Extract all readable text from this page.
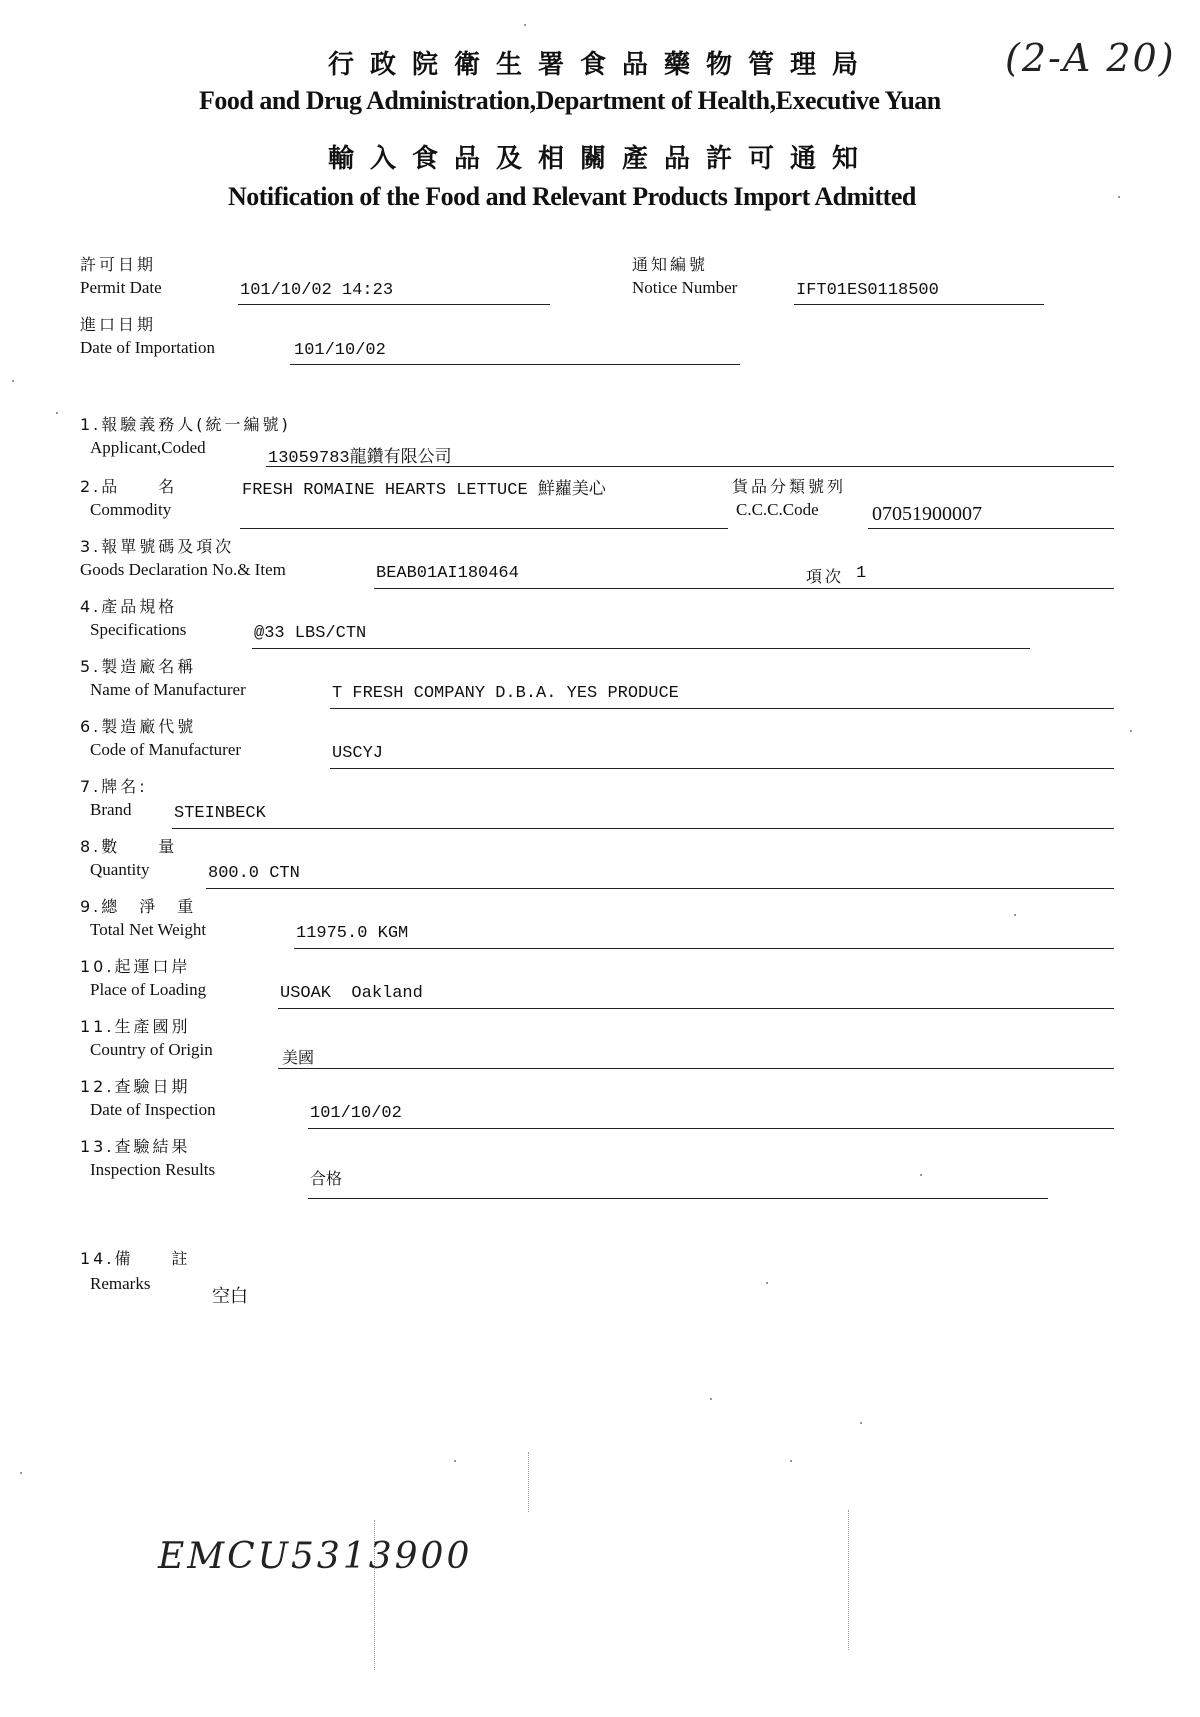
行政院衛生署食品藥物管理局	(2-A 20)
Food and Drug Administration,Department of Health,Executive Yuan
輸入食品及相關產品許可通知
Notification of the Food and Relevant Products Import Admitted
許可日期
Permit Date	101/10/02 14:23
通知編號
Notice Number	IFT01ES0118500
進口日期
Date of Importation	101/10/02
1.報驗義務人(統一編號)
Applicant,Coded
13059783龍鑽有限公司
2.品　　名
Commodity
FRESH ROMAINE HEARTS LETTUCE 鮮蘿美心	貨品分類號列
C.C.C.Code	07051900007
3.報單號碼及項次
Goods Declaration No.& Item	BEAB01AI180464	項次 1
4.產品規格
Specifications	@33 LBS/CTN
5.製造廠名稱
Name of Manufacturer	T FRESH COMPANY D.B.A. YES PRODUCE
6.製造廠代號
Code of Manufacturer	USCYJ
7.牌名:
Brand STEINBECK
8.數　　量
Quantity	800.0 CTN
9.總　淨　重
Total Net Weight	11975.0 KGM
10.起運口岸
Place of Loading	USOAK  Oakland
11.生產國別
Country of Origin	美國
12.查驗日期
Date of Inspection	101/10/02
13.查驗結果
Inspection Results	合格
14.備　　註
Remarks
空白
EMCU5313900
